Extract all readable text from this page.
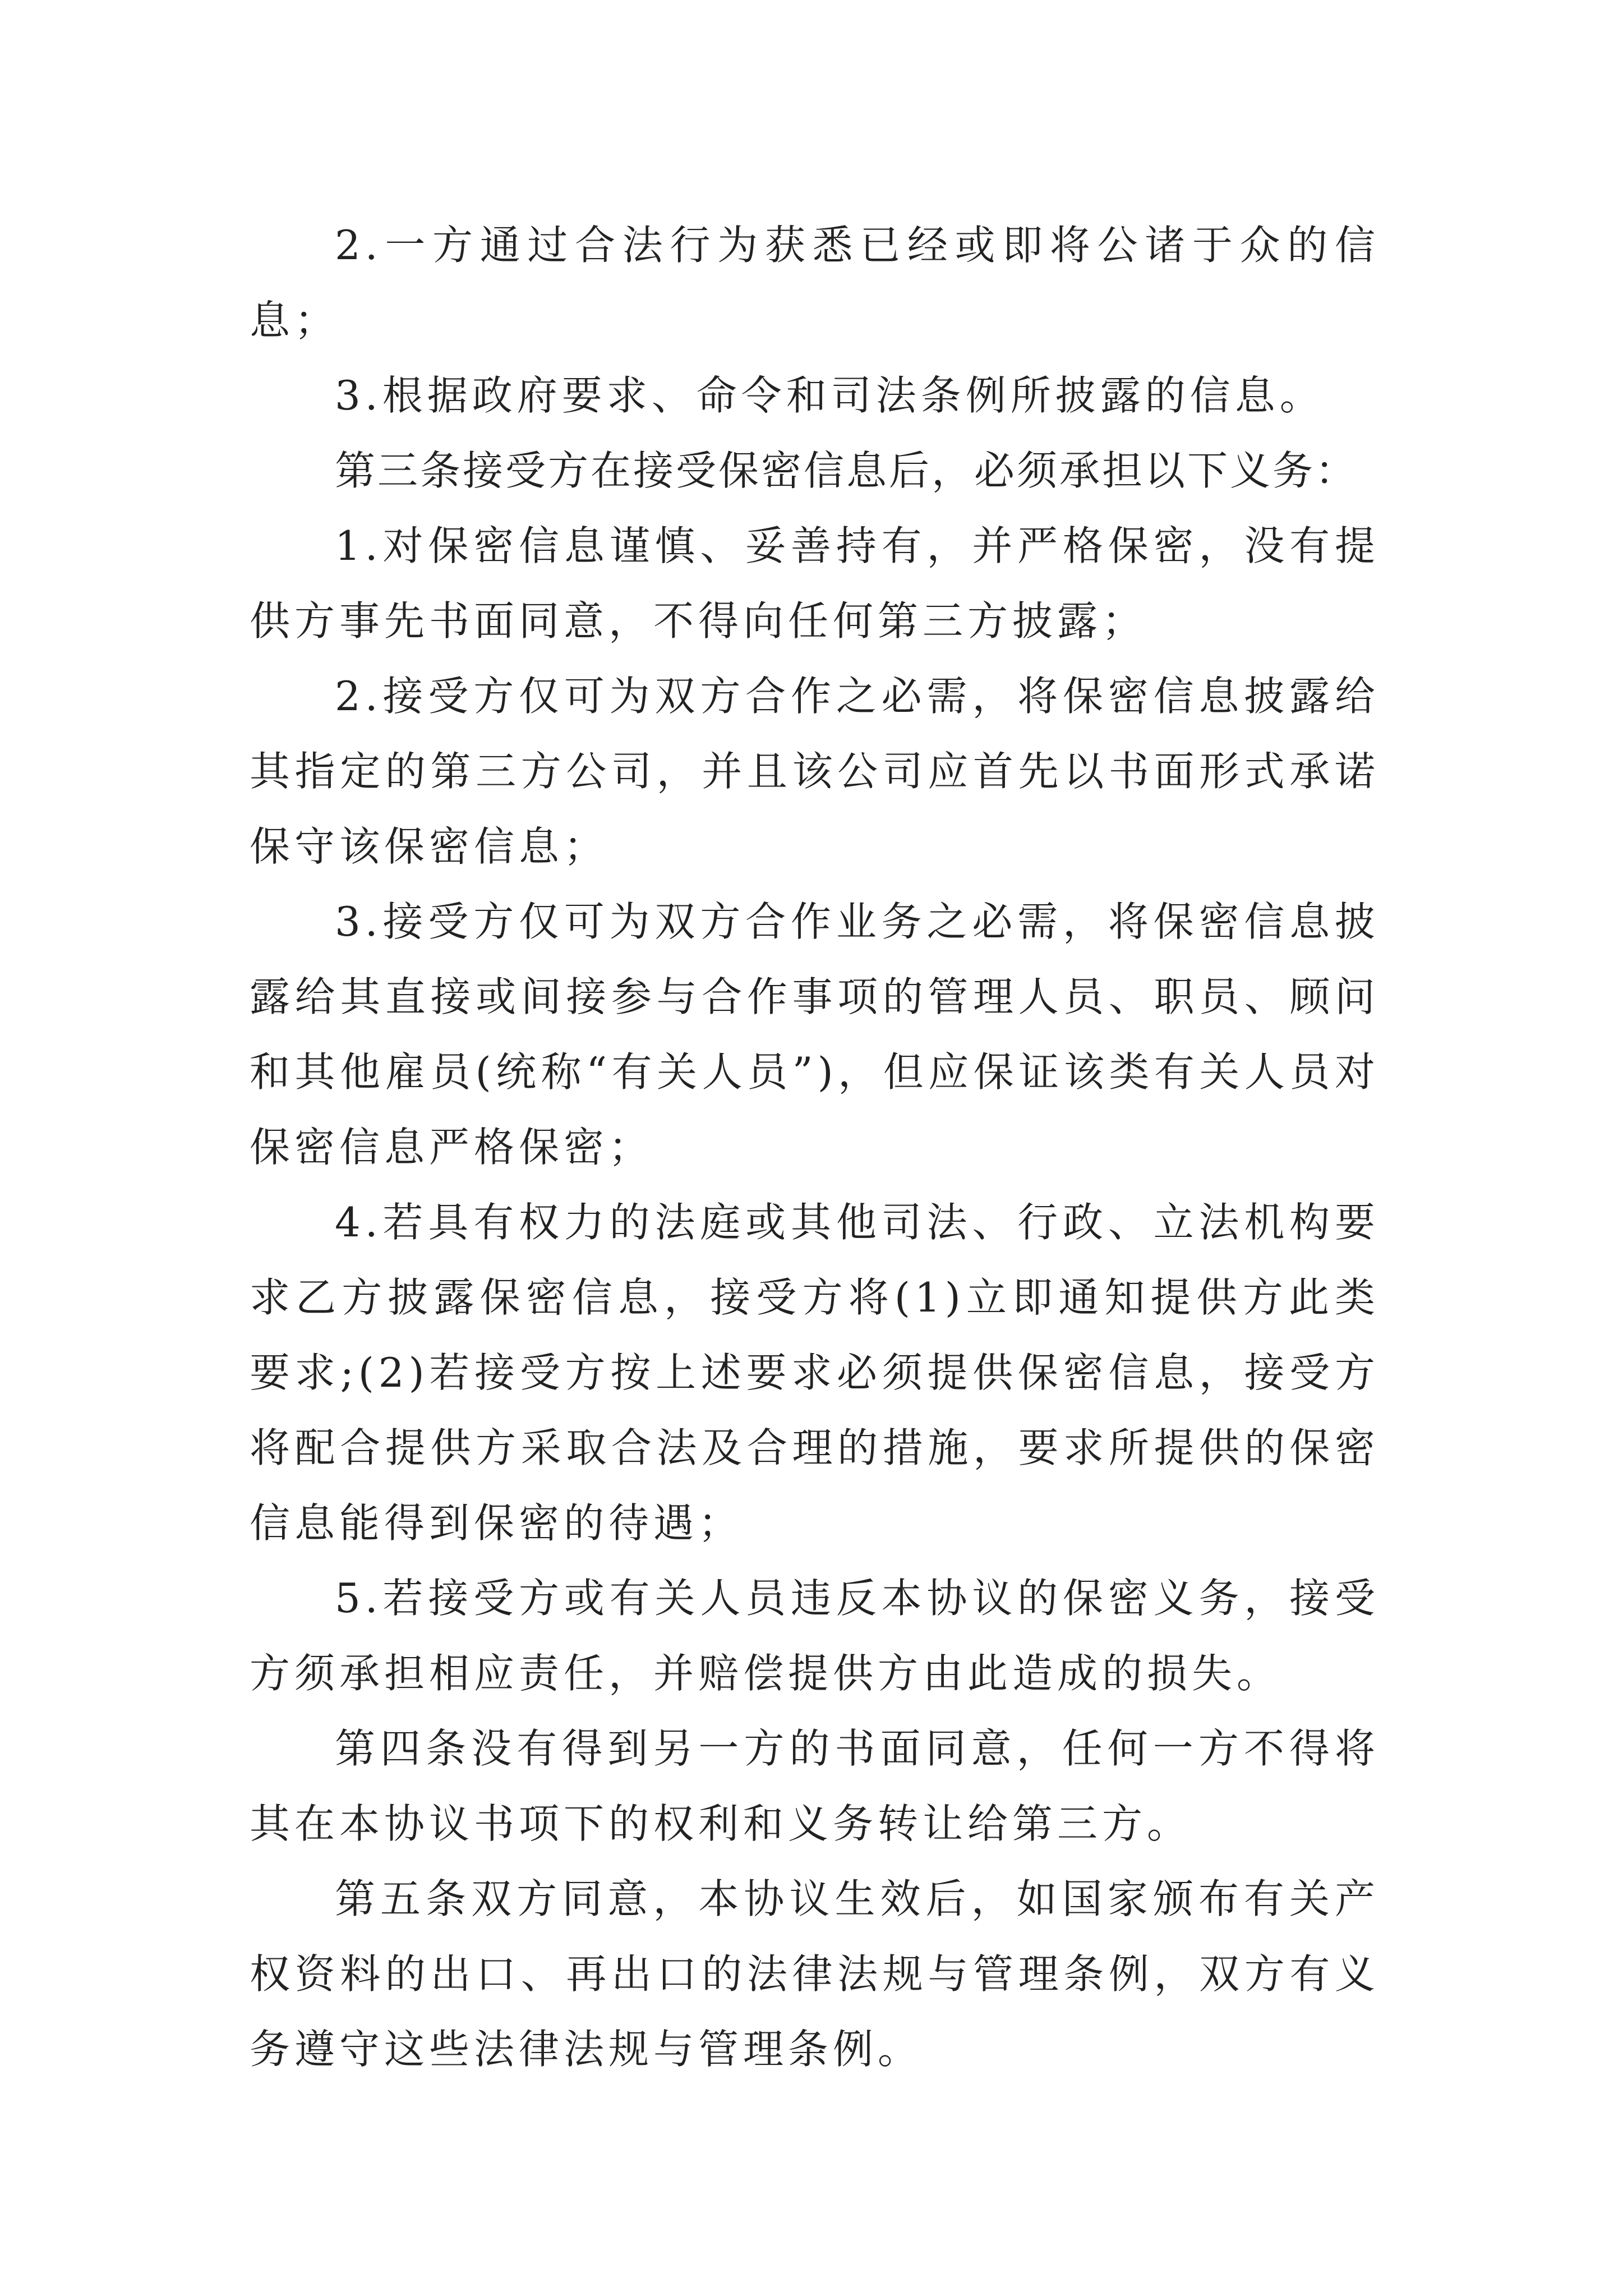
2.一方通过合法行为获悉已经或即将公诸于众的信息；

3.根据政府要求、命令和司法条例所披露的信息。

第三条接受方在接受保密信息后，必须承担以下义务：

1.对保密信息谨慎、妥善持有，并严格保密，没有提供方事先书面同意，不得向任何第三方披露；

2.接受方仅可为双方合作之必需，将保密信息披露给其指定的第三方公司，并且该公司应首先以书面形式承诺保守该保密信息；

3.接受方仅可为双方合作业务之必需，将保密信息披露给其直接或间接参与合作事项的管理人员、职员、顾问和其他雇员(统称“有关人员”)，但应保证该类有关人员对保密信息严格保密；

4.若具有权力的法庭或其他司法、行政、立法机构要求乙方披露保密信息，接受方将(1)立即通知提供方此类要求;(2)若接受方按上述要求必须提供保密信息，接受方将配合提供方采取合法及合理的措施，要求所提供的保密信息能得到保密的待遇；

5.若接受方或有关人员违反本协议的保密义务，接受方须承担相应责任，并赔偿提供方由此造成的损失。

第四条没有得到另一方的书面同意，任何一方不得将其在本协议书项下的权利和义务转让给第三方。

第五条双方同意，本协议生效后，如国家颁布有关产权资料的出口、再出口的法律法规与管理条例，双方有义务遵守这些法律法规与管理条例。
